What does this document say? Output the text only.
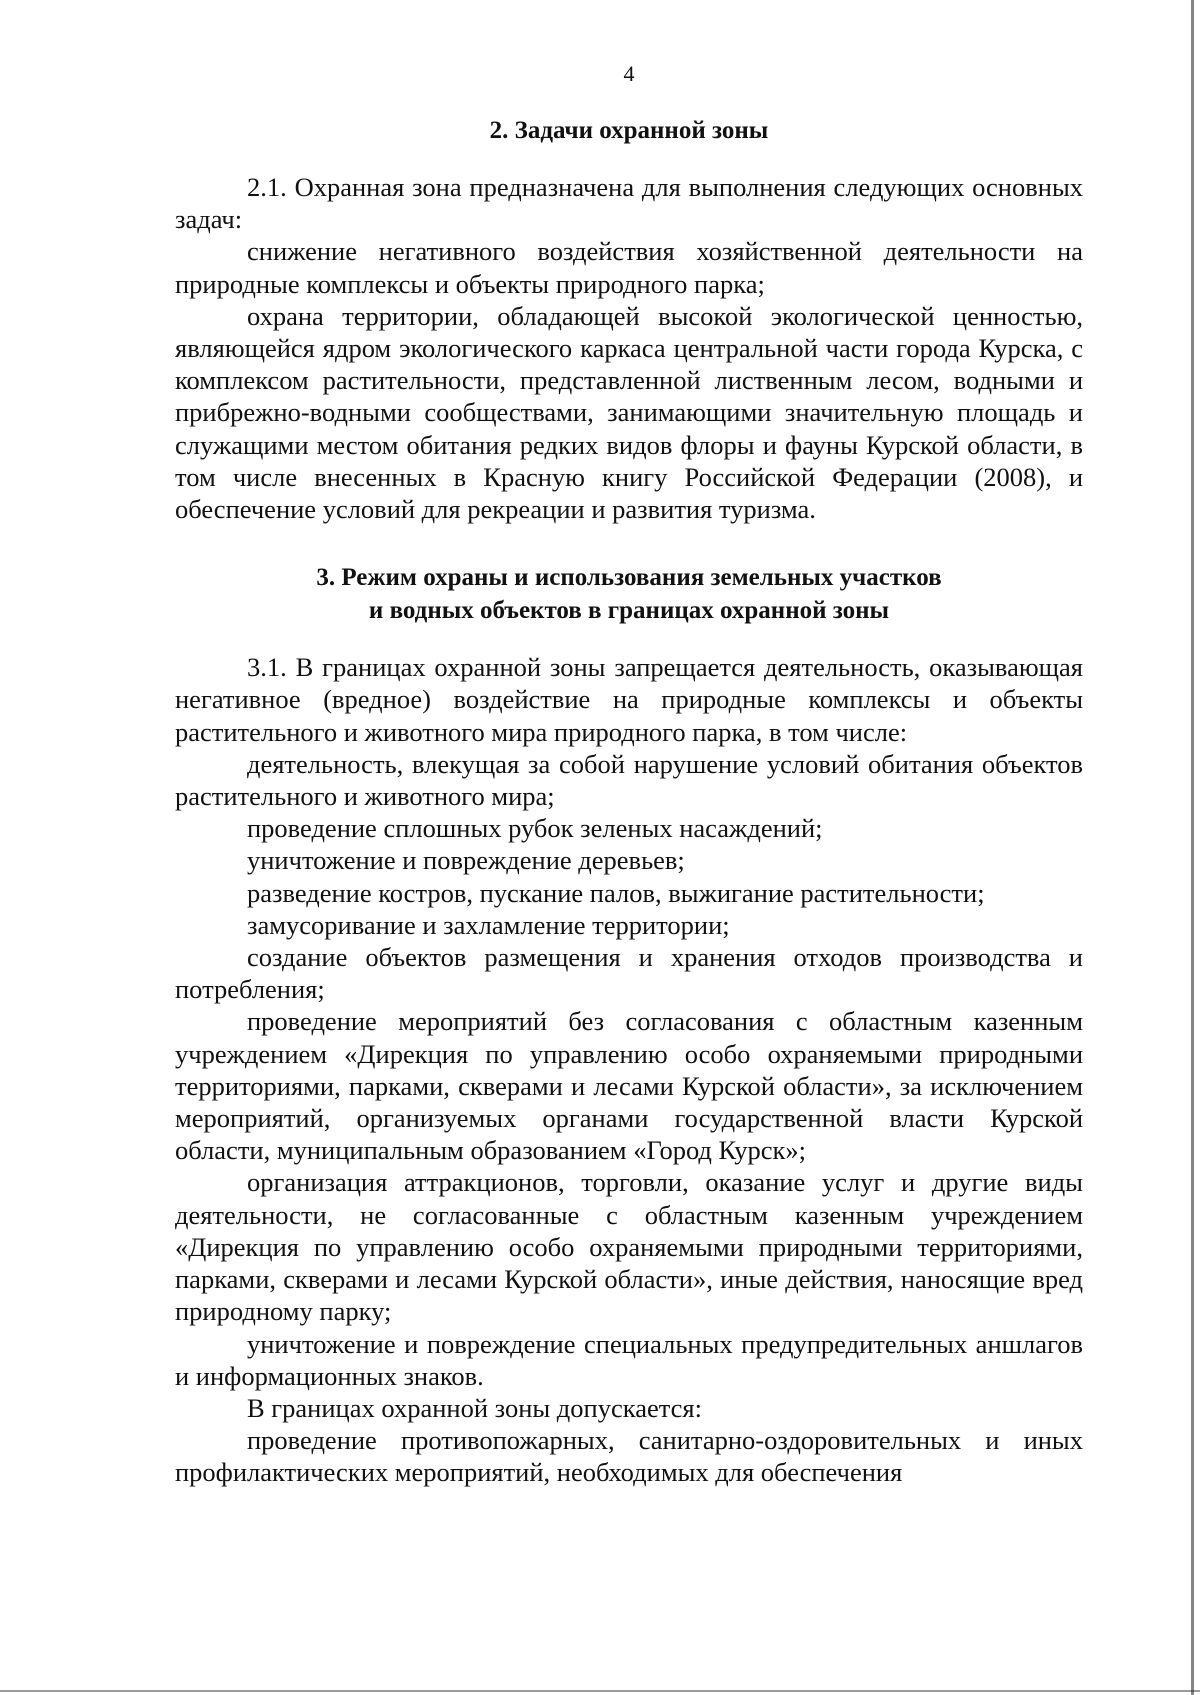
4
2. Задачи охранной зоны

2.1. Охранная зона предназначена для выполнения следующих основных задач:

снижение негативного воздействия хозяйственной деятельности на природные комплексы и объекты природного парка;

охрана территории, обладающей высокой экологической ценностью, являющейся ядром экологического каркаса центральной части города Курска, с комплексом растительности, представленной лиственным лесом, водными и прибрежно-водными сообществами, занимающими значительную площадь и служащими местом обитания редких видов флоры и фауны Курской области, в том числе внесенных в Красную книгу Российской Федерации (2008), и обеспечение условий для рекреации и развития туризма.

3. Режим охраны и использования земельных участков
и водных объектов в границах охранной зоны

3.1. В границах охранной зоны запрещается деятельность, оказывающая негативное (вредное) воздействие на природные комплексы и объекты растительного и животного мира природного парка, в том числе:

деятельность, влекущая за собой нарушение условий обитания объектов растительного и животного мира;

проведение сплошных рубок зеленых насаждений;

уничтожение и повреждение деревьев;

разведение костров, пускание палов, выжигание растительности;

замусоривание и захламление территории;

создание объектов размещения и хранения отходов производства и потребления;

проведение мероприятий без согласования с областным казенным учреждением «Дирекция по управлению особо охраняемыми природными территориями, парками, скверами и лесами Курской области», за исключением мероприятий, организуемых органами государственной власти Курской области, муниципальным образованием «Город Курск»;

организация аттракционов, торговли, оказание услуг и другие виды деятельности, не согласованные с областным казенным учреждением «Дирекция по управлению особо охраняемыми природными территориями, парками, скверами и лесами Курской области», иные действия, наносящие вред природному парку;

уничтожение и повреждение специальных предупредительных аншлагов и информационных знаков.

В границах охранной зоны допускается:

проведение противопожарных, санитарно-оздоровительных и иных профилактических мероприятий, необходимых для обеспечения
